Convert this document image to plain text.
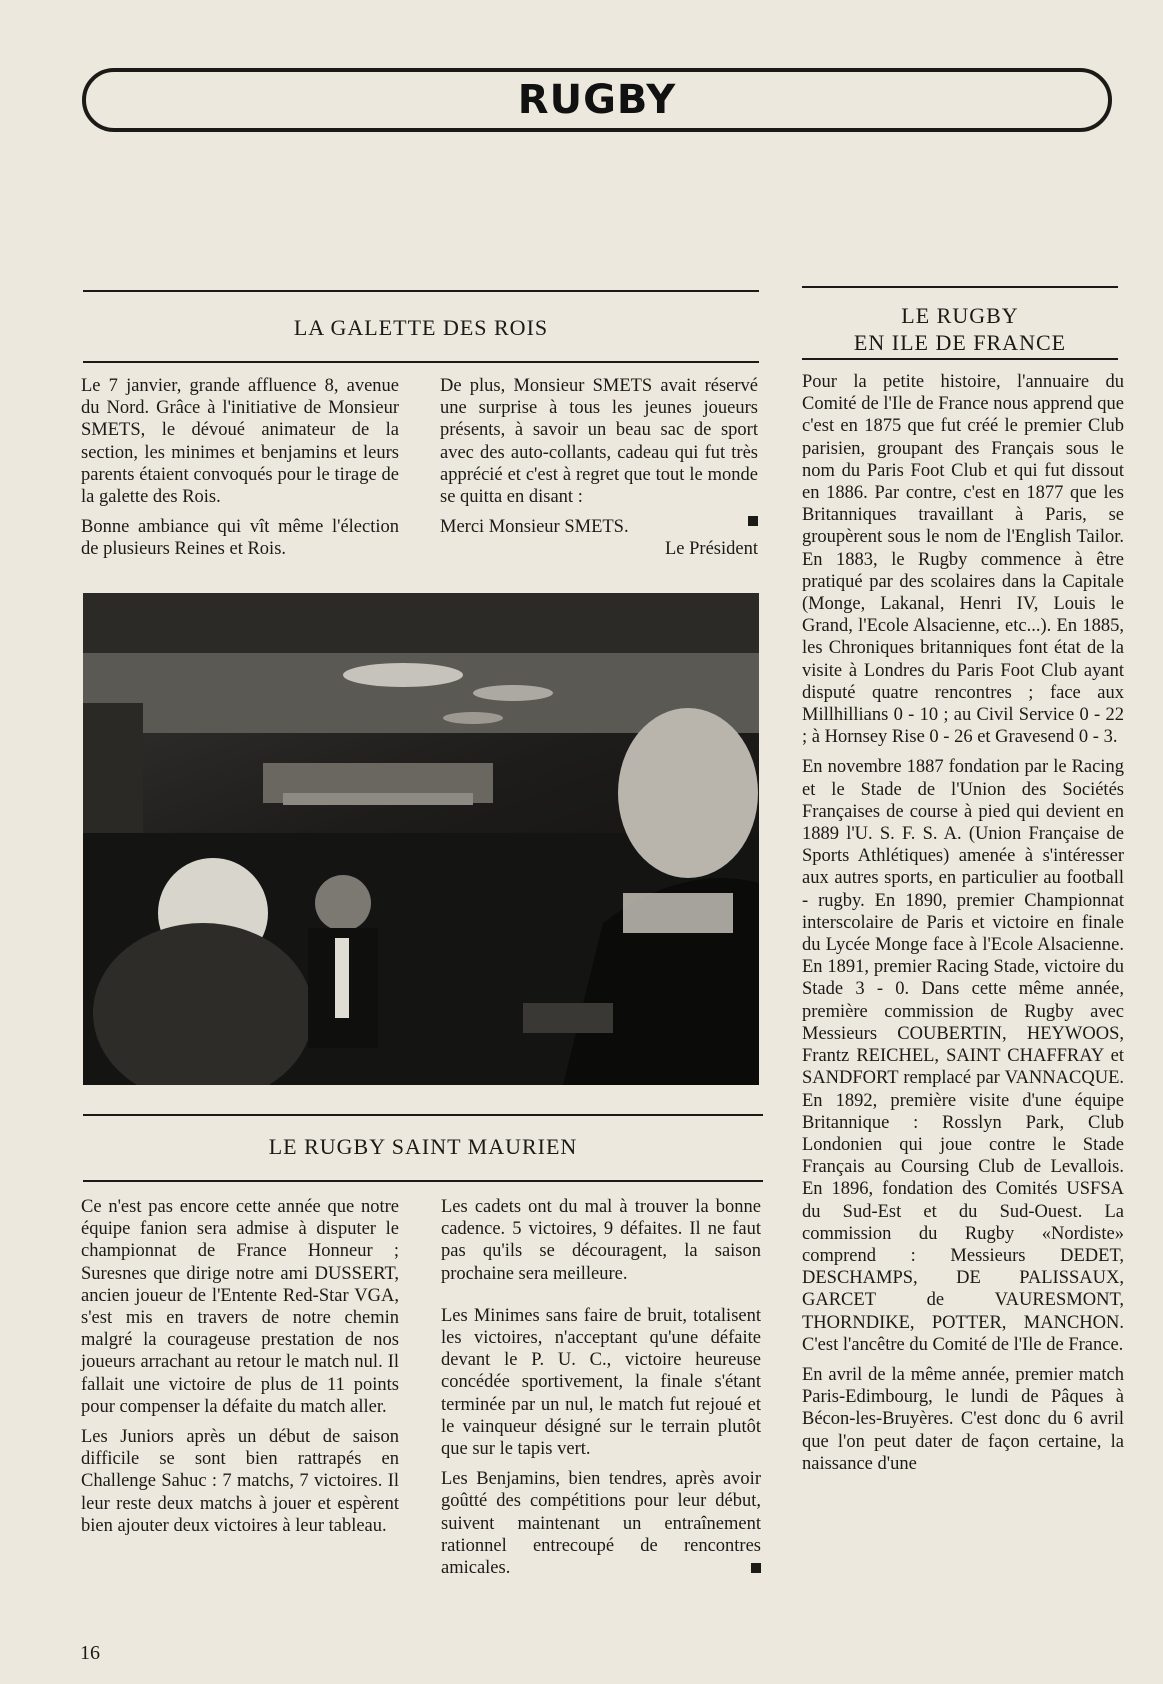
RUGBY
LA GALETTE DES ROIS

Le 7 janvier, grande affluence 8, avenue du Nord. Grâce à l'initiative de Monsieur SMETS, le dévoué animateur de la section, les minimes et benjamins et leurs parents étaient convoqués pour le tirage de la galette des Rois.

Bonne ambiance qui vît même l'élection de plusieurs Reines et Rois.

De plus, Monsieur SMETS avait réservé une surprise à tous les jeunes joueurs présents, à savoir un beau sac de sport avec des auto-collants, cadeau qui fut très apprécié et c'est à regret que tout le monde se quitta en disant :

Merci Monsieur SMETS.

Le Président

LE RUGBY SAINT MAURIEN

Ce n'est pas encore cette année que notre équipe fanion sera admise à disputer le championnat de France Honneur ; Suresnes que dirige notre ami DUSSERT, ancien joueur de l'Entente Red-Star VGA, s'est mis en travers de notre chemin malgré la courageuse prestation de nos joueurs arrachant au retour le match nul. Il fallait une victoire de plus de 11 points pour compenser la défaite du match aller.

Les Juniors après un début de saison difficile se sont bien rattrapés en Challenge Sahuc : 7 matchs, 7 victoires. Il leur reste deux matchs à jouer et espèrent bien ajouter deux victoires à leur tableau.

Les cadets ont du mal à trouver la bonne cadence. 5 victoires, 9 défaites. Il ne faut pas qu'ils se découragent, la saison prochaine sera meilleure.

Les Minimes sans faire de bruit, totalisent les victoires, n'acceptant qu'une défaite devant le P. U. C., victoire heureuse concédée sportivement, la finale s'étant terminée par un nul, le match fut rejoué et le vainqueur désigné sur le terrain plutôt que sur le tapis vert.

Les Benjamins, bien tendres, après avoir goûtté des compétitions pour leur début, suivent maintenant un entraînement rationnel entrecoupé de rencontres amicales.

LE RUGBY
EN ILE DE FRANCE

Pour la petite histoire, l'annuaire du Comité de l'Ile de France nous apprend que c'est en 1875 que fut créé le premier Club parisien, groupant des Français sous le nom du Paris Foot Club et qui fut dissout en 1886. Par contre, c'est en 1877 que les Britanniques travaillant à Paris, se groupèrent sous le nom de l'English Tailor. En 1883, le Rugby commence à être pratiqué par des scolaires dans la Capitale (Monge, Lakanal, Henri IV, Louis le Grand, l'Ecole Alsacienne, etc...). En 1885, les Chroniques britanniques font état de la visite à Londres du Paris Foot Club ayant disputé quatre rencontres ; face aux Millhillians 0 - 10 ; au Civil Service 0 - 22 ; à Hornsey Rise 0 - 26 et Gravesend 0 - 3.

En novembre 1887 fondation par le Racing et le Stade de l'Union des Sociétés Françaises de course à pied qui devient en 1889 l'U. S. F. S. A. (Union Française de Sports Athlétiques) amenée à s'intéresser aux autres sports, en particulier au football - rugby. En 1890, premier Championnat interscolaire de Paris et victoire en finale du Lycée Monge face à l'Ecole Alsacienne. En 1891, premier Racing Stade, victoire du Stade 3 - 0. Dans cette même année, première commission de Rugby avec Messieurs COUBERTIN, HEYWOOS, Frantz REICHEL, SAINT CHAFFRAY et SANDFORT remplacé par VANNACQUE. En 1892, première visite d'une équipe Britannique : Rosslyn Park, Club Londonien qui joue contre le Stade Français au Coursing Club de Levallois. En 1896, fondation des Comités USFSA du Sud-Est et du Sud-Ouest. La commission du Rugby «Nordiste» comprend : Messieurs DEDET, DESCHAMPS, DE PALISSAUX, GARCET de VAURESMONT, THORNDIKE, POTTER, MANCHON. C'est l'ancêtre du Comité de l'Ile de France.

En avril de la même année, premier match Paris-Edimbourg, le lundi de Pâques à Bécon-les-Bruyères. C'est donc du 6 avril que l'on peut dater de façon certaine, la naissance d'une

16
